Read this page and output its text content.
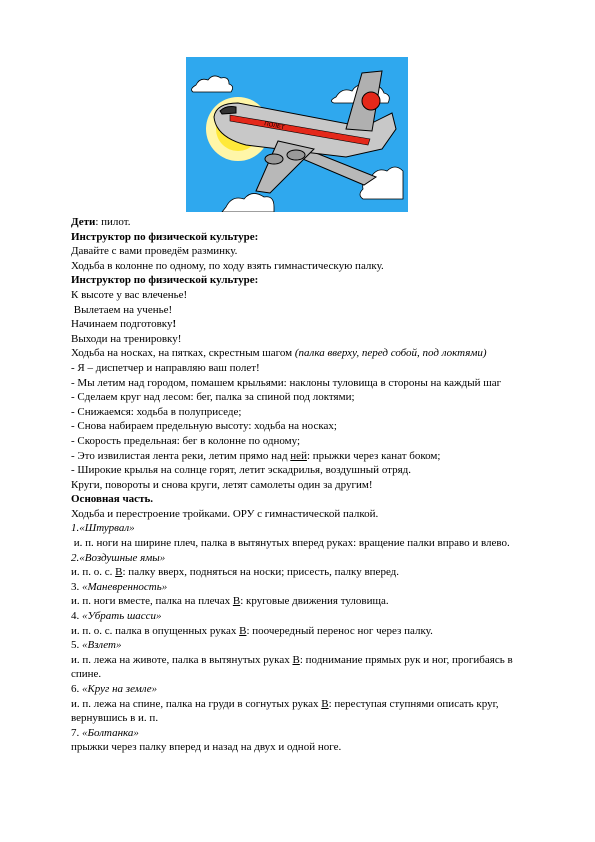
ПОЛЕТ
Дети: пилот.
Инструктор по физической культуре:
Давайте с вами проведём разминку.
Ходьба в колонне по одному, по ходу взять гимнастическую палку.
Инструктор по физической культуре:
К высоте у вас влеченье!
Вылетаем на ученье!
Начинаем подготовку!
Выходи на тренировку!
Ходьба на носках, на пятках, скрестным шагом (палка вверху, перед собой, под локтями)
- Я – диспетчер и направляю ваш полет!
- Мы летим над городом, помашем крыльями: наклоны туловища в стороны на каждый шаг
- Сделаем круг над лесом: бег, палка за спиной под локтями;
- Снижаемся: ходьба в полуприседе;
- Снова набираем предельную высоту: ходьба на носках;
- Скорость предельная: бег в колонне по одному;
- Это извилистая лента реки, летим прямо над ней: прыжки через канат боком;
- Широкие крылья на солнце горят, летит эскадрилья, воздушный отряд.
Круги, повороты и снова круги, летят самолеты один за другим!
Основная часть.
Ходьба и перестроение тройками. ОРУ с гимнастической палкой.
1.«Штурвал»
и. п. ноги на ширине плеч, палка в вытянутых вперед руках: вращение палки вправо и влево.
2.«Воздушные ямы»
и. п. о. с. В: палку вверх, подняться на носки; присесть, палку вперед.
3. «Маневренность»
и. п. ноги вместе, палка на плечах В: круговые движения туловища.
4. «Убрать шасси»
и. п. о. с. палка в опущенных руках В: поочередный перенос ног через палку.
5. «Взлет»
и. п. лежа на животе, палка в вытянутых руках В: поднимание прямых рук и ног, прогибаясь в спине.
6. «Круг на земле»
и. п. лежа на спине, палка на груди в согнутых руках В: переступая ступнями описать круг, вернувшись в и. п.
7. «Болтанка»
прыжки через палку вперед и назад на двух и одной ноге.
